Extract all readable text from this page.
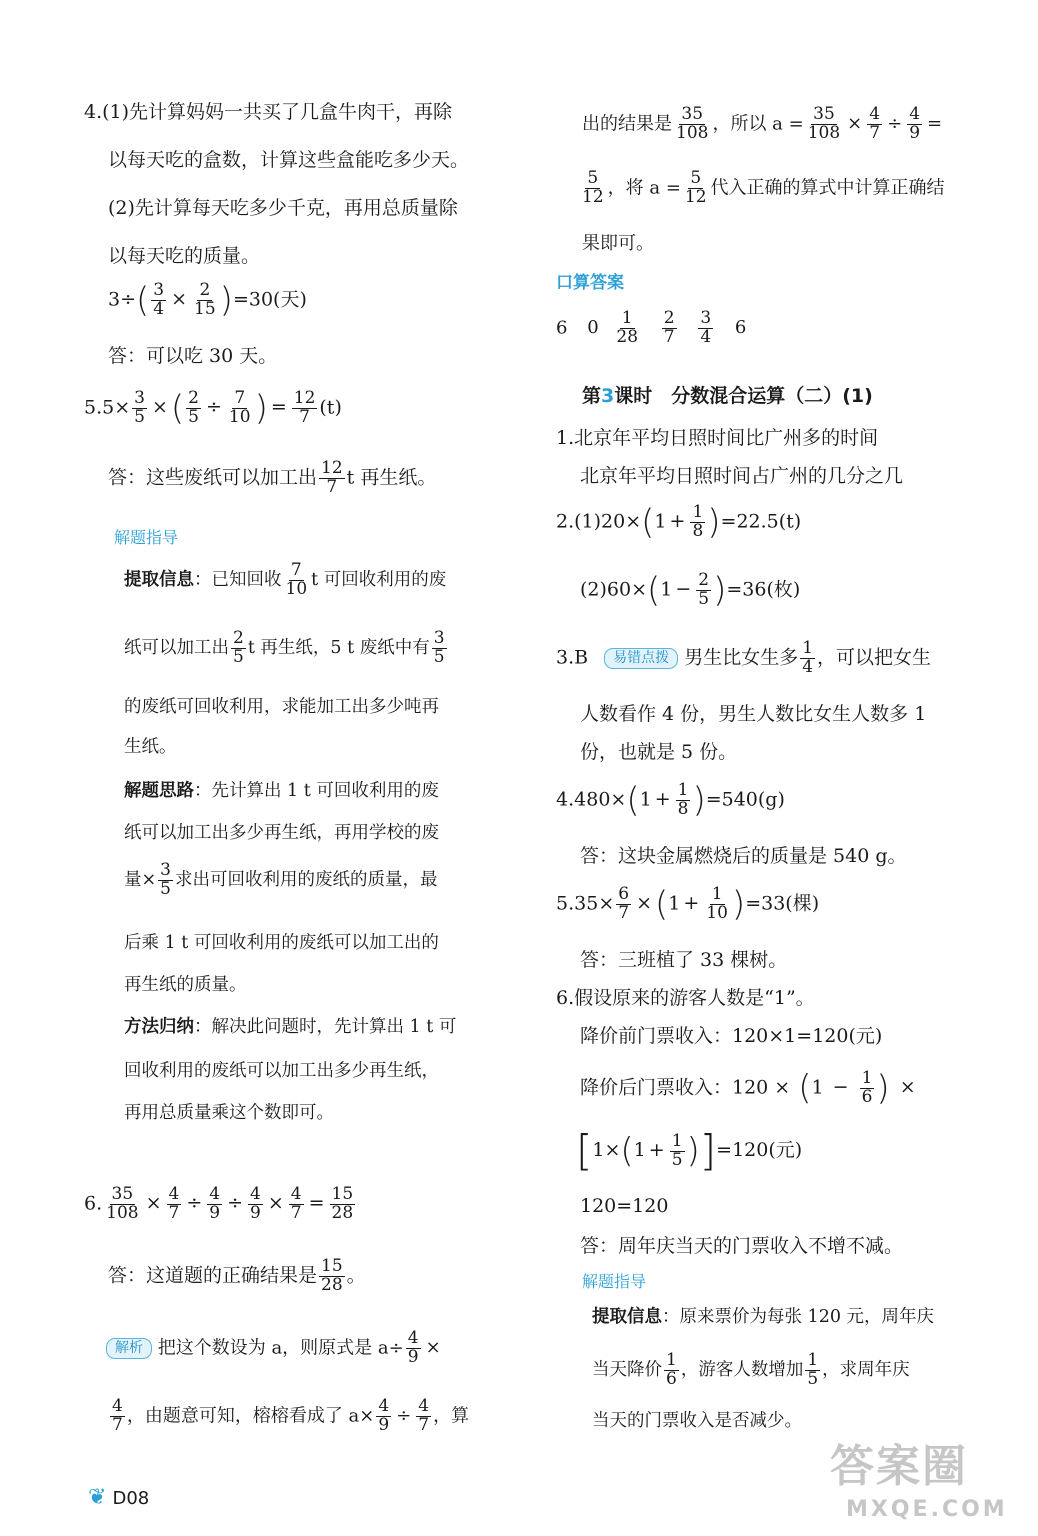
4.(1)先计算妈妈一共买了几盒牛肉干，再除
以每天吃的盒数，计算这些盒能吃多少天。
(2)先计算每天吃多少千克，再用总质量除
以每天吃的质量。
$3\div( \frac{3}{4} \times \frac{2}{15} )=30$(天)
答：可以吃 30 天。
$5.5\times \frac{3}{5}$ ×( $\frac{2}{5} \div \frac{7}{10}$ ) = $\frac{12}{7} (t)$
答：这些废纸可以加工出 $\frac{12}{7}$ t 再生纸。
解题指导
提取信息：已知回收 $\frac{7}{10}$ t 可回收利用的废
纸可以加工出 $\frac{2}{5}$ t 再生纸，5 t 废纸中有 $\frac{3}{5}$
的废纸可回收利用，求能加工出多少吨再
生纸。
解题思路：先计算出 1 t 可回收利用的废
纸可以加工出多少再生纸，再用学校的废
量× $\frac{3}{5}$ 求出可回收利用的废纸的质量，最
后乘 1 t 可回收利用的废纸可以加工出的
再生纸的质量。
方法归纳：解决此问题时，先计算出 1 t 可
回收利用的废纸可以加工出多少再生纸，
再用总质量乘这个数即可。
6. $\frac{35}{108} \times \frac{4}{7} \div \frac{4}{9} \div \frac{4}{9} \times \frac{4}{7} = \frac{15}{28}$
答：这道题的正确结果是 $\frac{15}{28}$ 。
解析 把这个数设为 a，则原式是 $a\div \frac{4}{9}$ ×
$\frac{4}{7}$ ，由题意可知，榕榕看成了 $a\times \frac{4}{9} \div \frac{4}{7}$ ，算
❦ D08
出的结果是 $\frac{35}{108}$ ，所以 $a = \frac{35}{108} \times \frac{4}{7} \div \frac{4}{9}$ =
$\frac{5}{12}$ ，将 $a = \frac{5}{12}$ 代入正确的算式中计算正确结
果即可。
口算答案
6 $0 \frac{1}{28}$
$\frac{2}{7}$
$\frac{3}{4} 6$
第3课时　分数混合运算（二）(1)
1.北京年平均日照时间比广州多的时间
北京年平均日照时间占广州的几分之几
$2.(1)20\times(1 + \frac{1}{8} )=22.5(t)$
$(2)60\times(1 - \frac{2}{5} )=36$(枚)
3.B 易错点拨 男生比女生多 $\frac{1}{4}$ ，可以把女生
人数看作 4 份，男生人数比女生人数多 1
份，也就是 5 份。
$4.480\times(1 + \frac{1}{8} )=540(g)$
答：这块金属燃烧后的质量是 540 g。
$5.35\times \frac{6}{7} \times(1 + \frac{1}{10} )=33$(棵)
答：三班植了 33 棵树。
6.假设原来的游客人数是“1”。
降价前门票收入：120×1=120(元)
降价后门票收入：$120 \times (1 - \frac{1}{6}$ ) ×
$[1\times(1 + \frac{1}{5} )]=120$(元)
120=120
答：周年庆当天的门票收入不增不减。
解题指导
提取信息：原来票价为每张 120 元，周年庆
当天降价 $\frac{1}{6}$ ，游客人数增加 $\frac{1}{5}$ ，求周年庆
当天的门票收入是否减少。
答案圈
MXQE.COM
